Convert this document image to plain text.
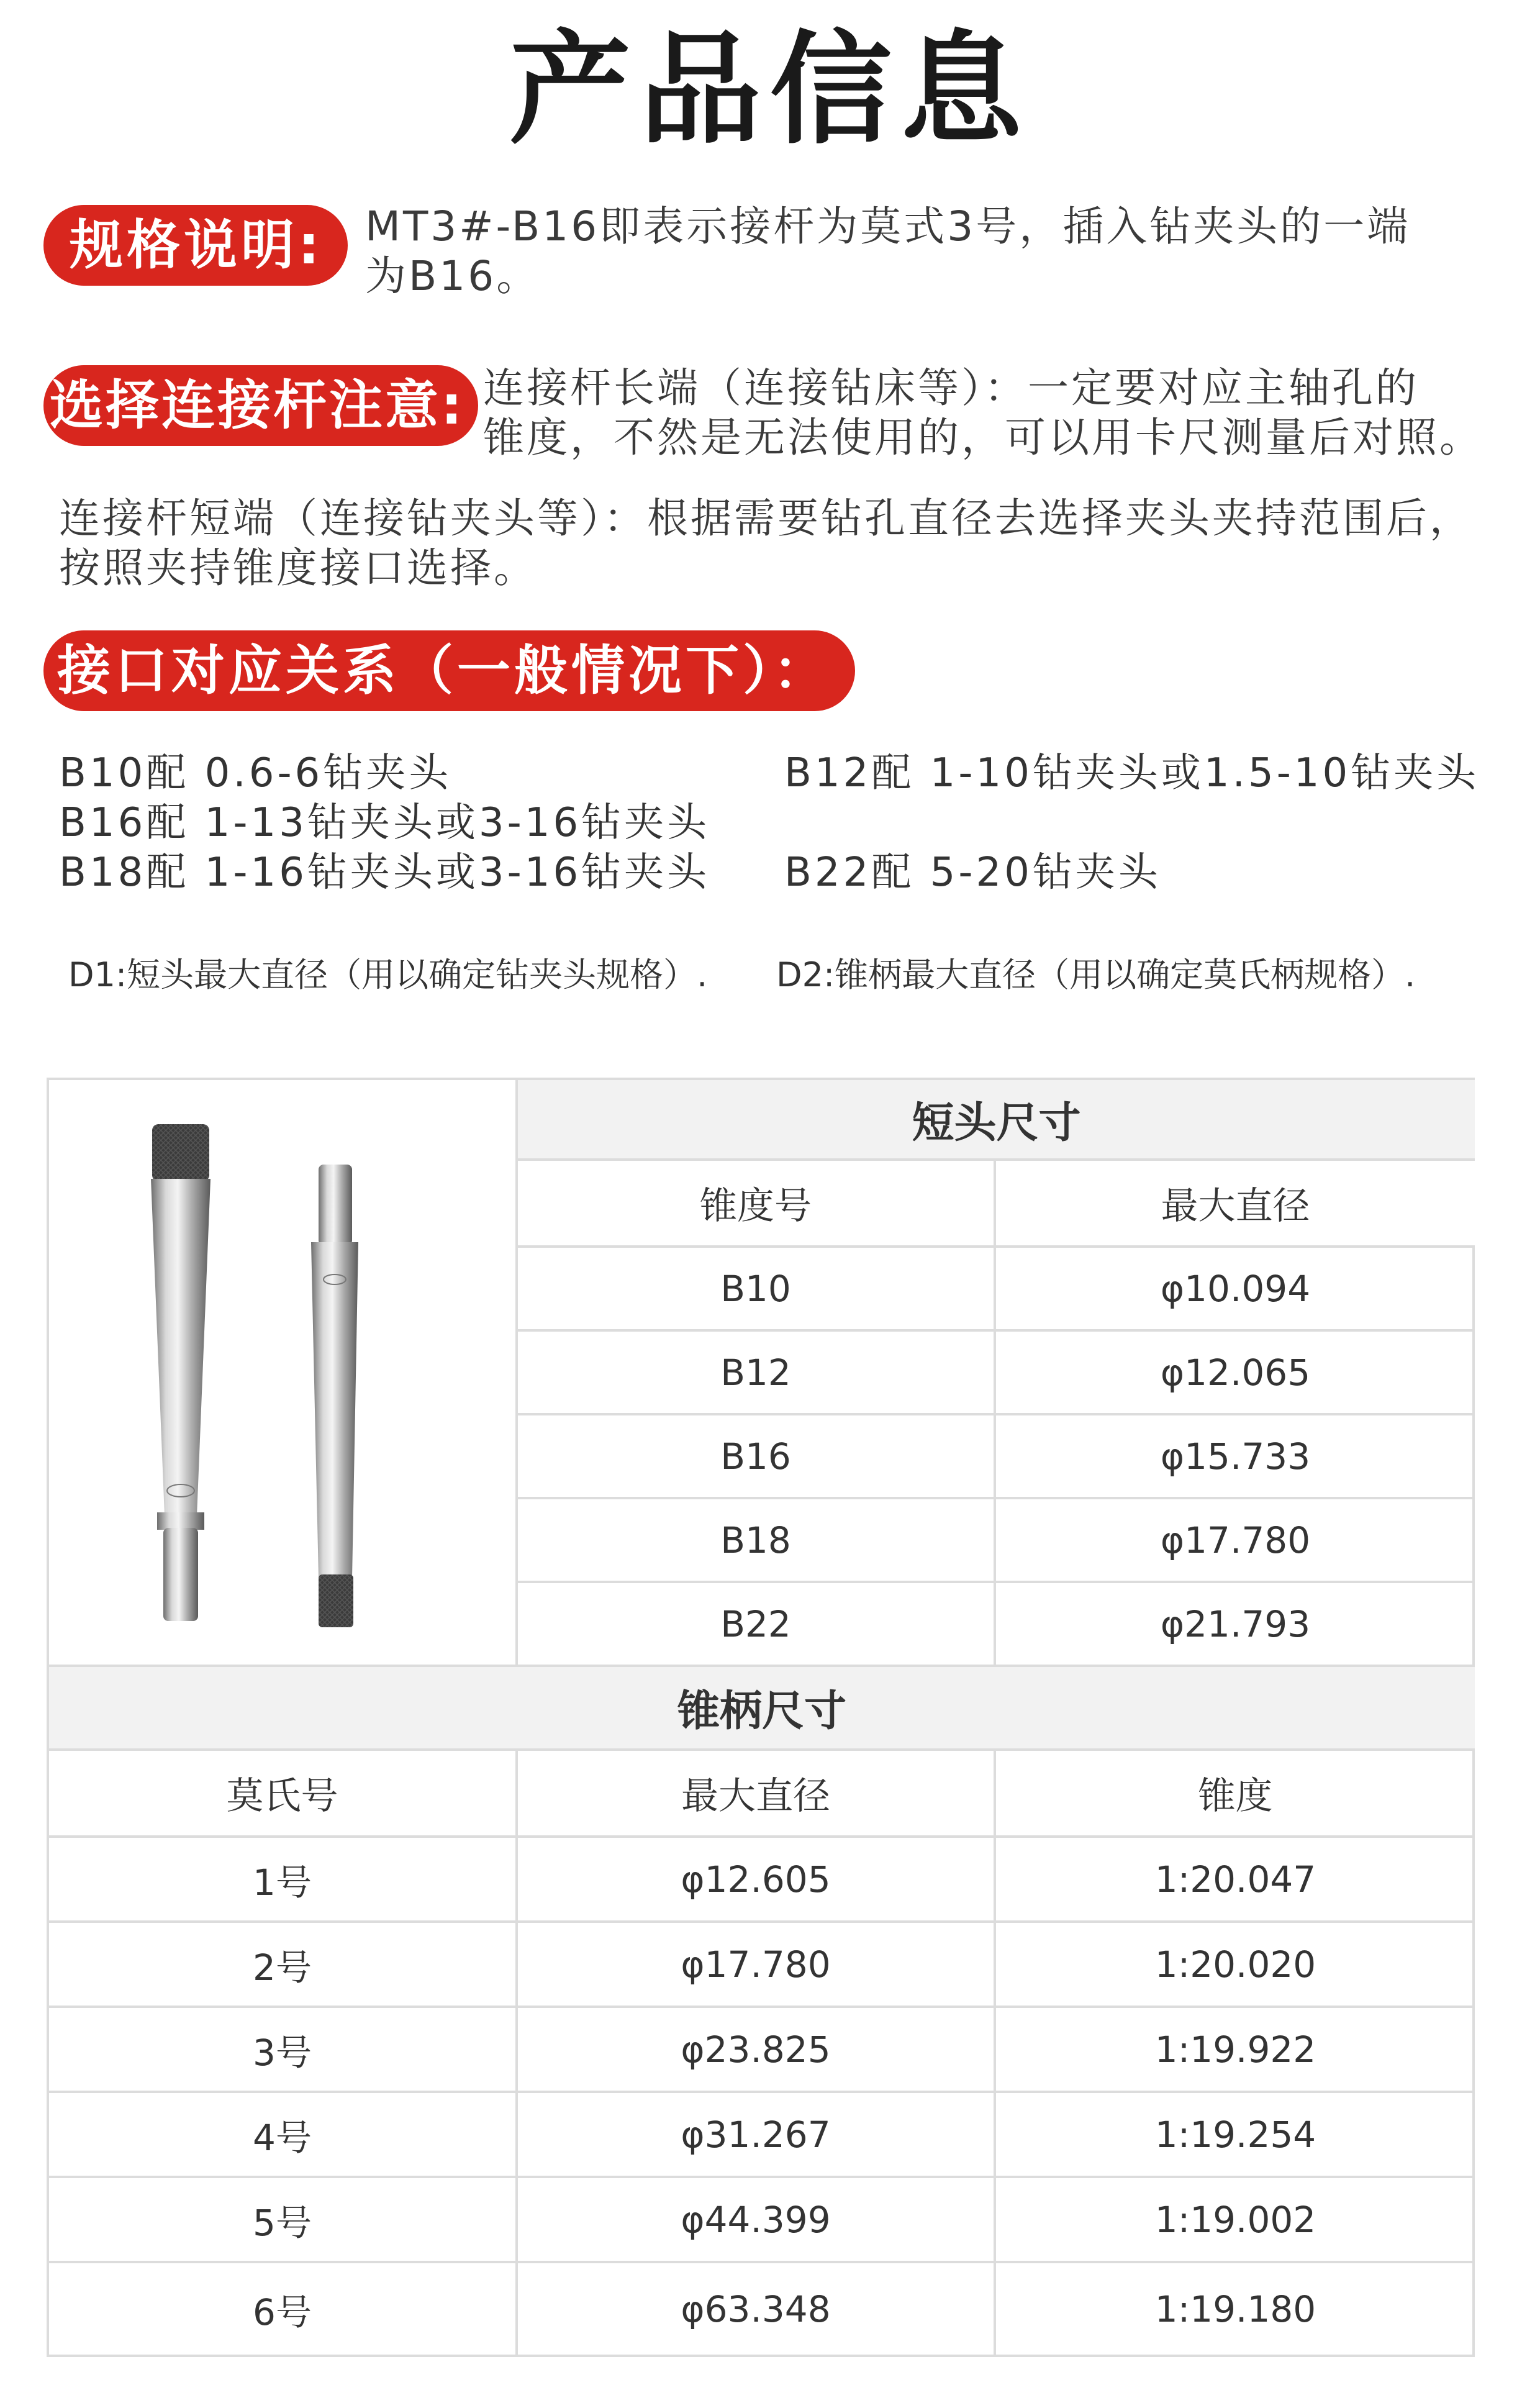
产品信息
规格说明:	MT3#-B16即表示接杆为莫式3号，插入钻夹头的一端
为B16。
选择连接杆注意: 连接杆长端（连接钻床等）：一定要对应主轴孔的
锥度，不然是无法使用的，可以用卡尺测量后对照。
连接杆短端（连接钻夹头等）：根据需要钻孔直径去选择夹头夹持范围后，
按照夹持锥度接口选择。
接口对应关系（一般情况下）：
B10配 0.6-6钻夹头	B12配 1-10钻夹头或1.5-10钻夹头
B16配 1-13钻夹头或3-16钻夹头
B18配 1-16钻夹头或3-16钻夹头 B22配 5-20钻夹头
D1:短头最大直径（用以确定钻夹头规格）. D2:锥柄最大直径（用以确定莫氏柄规格）.
短头尺寸
锥度号	最大直径
B10	φ10.094
B12	φ12.065
B16	φ15.733
B18	φ17.780
B22	φ21.793
锥柄尺寸
莫氏号	最大直径	锥度
1号	φ12.605	1:20.047
2号	φ17.780	1:20.020
3号	φ23.825	1:19.922
4号	φ31.267	1:19.254
5号	φ44.399	1:19.002
6号	φ63.348	1:19.180
